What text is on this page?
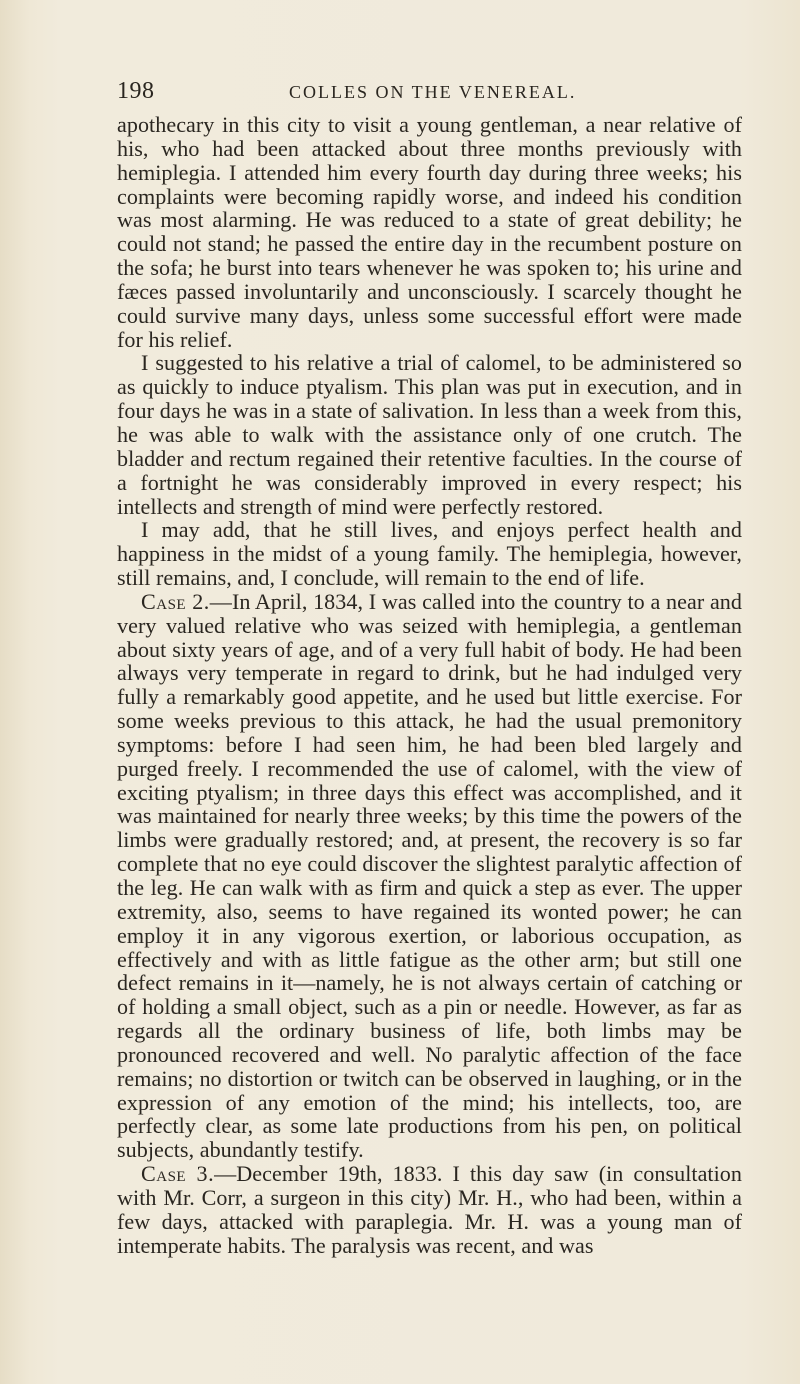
198	COLLES ON THE VENEREAL.

apothecary in this city to visit a young gentleman, a near relative of his, who had been attacked about three months previously with hemiplegia. I attended him every fourth day during three weeks; his complaints were becoming rapidly worse, and indeed his condition was most alarming. He was reduced to a state of great debility; he could not stand; he passed the entire day in the recumbent posture on the sofa; he burst into tears whenever he was spoken to; his urine and fæces passed involuntarily and unconsciously. I scarcely thought he could survive many days, unless some successful effort were made for his relief.

I suggested to his relative a trial of calomel, to be administered so as quickly to induce ptyalism. This plan was put in execution, and in four days he was in a state of salivation. In less than a week from this, he was able to walk with the assistance only of one crutch. The bladder and rectum regained their retentive faculties. In the course of a fortnight he was considerably improved in every respect; his intellects and strength of mind were perfectly restored.

I may add, that he still lives, and enjoys perfect health and happiness in the midst of a young family. The hemiplegia, however, still remains, and, I conclude, will remain to the end of life.

Case 2.—In April, 1834, I was called into the country to a near and very valued relative who was seized with hemiplegia, a gentleman about sixty years of age, and of a very full habit of body. He had been always very temperate in regard to drink, but he had indulged very fully a remarkably good appetite, and he used but little exercise. For some weeks previous to this attack, he had the usual premonitory symptoms: before I had seen him, he had been bled largely and purged freely. I recommended the use of calomel, with the view of exciting ptyalism; in three days this effect was accomplished, and it was maintained for nearly three weeks; by this time the powers of the limbs were gradually restored; and, at present, the recovery is so far complete that no eye could discover the slightest paralytic affection of the leg. He can walk with as firm and quick a step as ever. The upper extremity, also, seems to have regained its wonted power; he can employ it in any vigorous exertion, or laborious occupation, as effectively and with as little fatigue as the other arm; but still one defect remains in it—namely, he is not always certain of catching or of holding a small object, such as a pin or needle. However, as far as regards all the ordinary business of life, both limbs may be pronounced recovered and well. No paralytic affection of the face remains; no distortion or twitch can be observed in laughing, or in the expression of any emotion of the mind; his intellects, too, are perfectly clear, as some late productions from his pen, on political subjects, abundantly testify.

Case 3.—December 19th, 1833. I this day saw (in consultation with Mr. Corr, a surgeon in this city) Mr. H., who had been, within a few days, attacked with paraplegia. Mr. H. was a young man of intemperate habits. The paralysis was recent, and was
